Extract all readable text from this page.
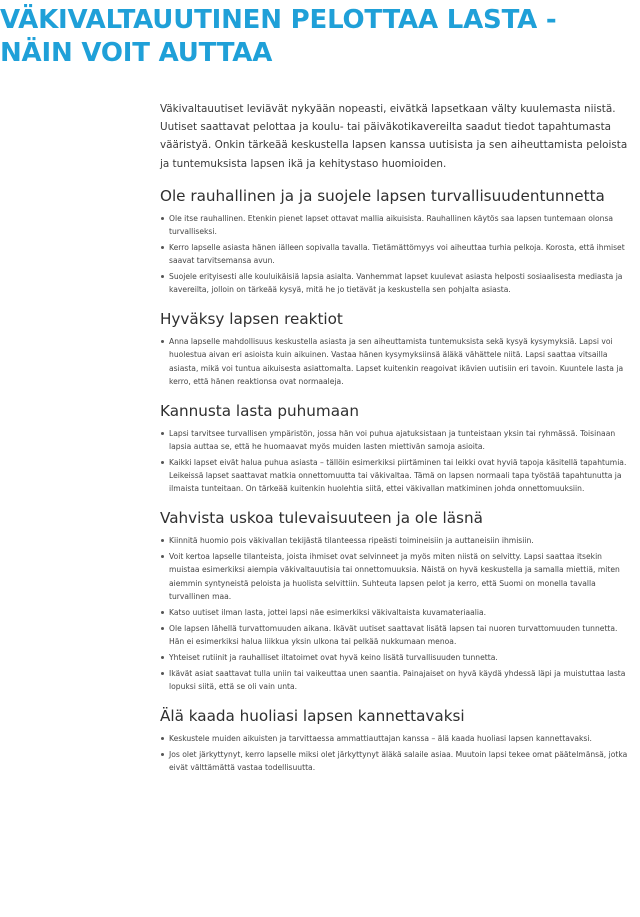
VÄKIVALTAUUTINEN PELOTTAA LASTA - NÄIN VOIT AUTTAA

Väkivaltauutiset leviävät nykyään nopeasti, eivätkä lapsetkaan välty kuulemasta niistä. Uutiset saattavat pelottaa ja koulu- tai päiväkotikavereilta saadut tiedot tapahtumasta vääristyä. Onkin tärkeää keskustella lapsen kanssa uutisista ja sen aiheuttamista peloista ja tuntemuksista lapsen ikä ja kehitystaso huomioiden.

Ole rauhallinen ja ja suojele lapsen turvallisuudentunnetta
Ole itse rauhallinen. Etenkin pienet lapset ottavat mallia aikuisista. Rauhallinen käytös saa lapsen tuntemaan olonsa turvalliseksi.
Kerro lapselle asiasta hänen iälleen sopivalla tavalla. Tietämättömyys voi aiheuttaa turhia pelkoja. Korosta, että ihmiset saavat tarvitsemansa avun.
Suojele erityisesti alle kouluikäisiä lapsia asialta. Vanhemmat lapset kuulevat asiasta helposti sosiaalisesta mediasta ja kavereilta, jolloin on tärkeää kysyä, mitä he jo tietävät ja keskustella sen pohjalta asiasta.
Hyväksy lapsen reaktiot
Anna lapselle mahdollisuus keskustella asiasta ja sen aiheuttamista tuntemuksista sekä kysyä kysymyksiä. Lapsi voi huolestua aivan eri asioista kuin aikuinen. Vastaa hänen kysymyksiinsä äläkä vähättele niitä. Lapsi saattaa vitsailla asiasta, mikä voi tuntua aikuisesta asiattomalta. Lapset kuitenkin reagoivat ikävien uutisiin eri tavoin. Kuuntele lasta ja kerro, että hänen reaktionsa ovat normaaleja.
Kannusta lasta puhumaan
Lapsi tarvitsee turvallisen ympäristön, jossa hän voi puhua ajatuksistaan ja tunteistaan yksin tai ryhmässä. Toisinaan lapsia auttaa se, että he huomaavat myös muiden lasten miettivän samoja asioita.
Kaikki lapset eivät halua puhua asiasta – tällöin esimerkiksi piirtäminen tai leikki ovat hyviä tapoja käsitellä tapahtumia. Leikeissä lapset saattavat matkia onnettomuutta tai väkivaltaa. Tämä on lapsen normaali tapa työstää tapahtunutta ja ilmaista tunteitaan. On tärkeää kuitenkin huolehtia siitä, ettei väkivallan matkiminen johda onnettomuuksiin.
Vahvista uskoa tulevaisuuteen ja ole läsnä
Kiinnitä huomio pois väkivallan tekijästä tilanteessa ripeästi toimineisiin ja auttaneisiin ihmisiin.
Voit kertoa lapselle tilanteista, joista ihmiset ovat selvinneet ja myös miten niistä on selvitty. Lapsi saattaa itsekin muistaa esimerkiksi aiempia väkivaltauutisia tai onnettomuuksia. Näistä on hyvä keskustella ja samalla miettiä, miten aiemmin syntyneistä peloista ja huolista selvittiin. Suhteuta lapsen pelot ja kerro, että Suomi on monella tavalla turvallinen maa.
Katso uutiset ilman lasta, jottei lapsi näe esimerkiksi väkivaltaista kuvamateriaalia.
Ole lapsen lähellä turvattomuuden aikana. Ikävät uutiset saattavat lisätä lapsen tai nuoren turvattomuuden tunnetta. Hän ei esimerkiksi halua liikkua yksin ulkona tai pelkää nukkumaan menoa.
Yhteiset rutiinit ja rauhalliset iltatoimet ovat hyvä keino lisätä turvallisuuden tunnetta.
Ikävät asiat saattavat tulla uniin tai vaikeuttaa unen saantia. Painajaiset on hyvä käydä yhdessä läpi ja muistuttaa lasta lopuksi siitä, että se oli vain unta.
Älä kaada huoliasi lapsen kannettavaksi
Keskustele muiden aikuisten ja tarvittaessa ammattiauttajan kanssa – älä kaada huoliasi lapsen kannettavaksi.
Jos olet järkyttynyt, kerro lapselle miksi olet järkyttynyt äläkä salaile asiaa. Muutoin lapsi tekee omat päätelmänsä, jotka eivät välttämättä vastaa todellisuutta.
